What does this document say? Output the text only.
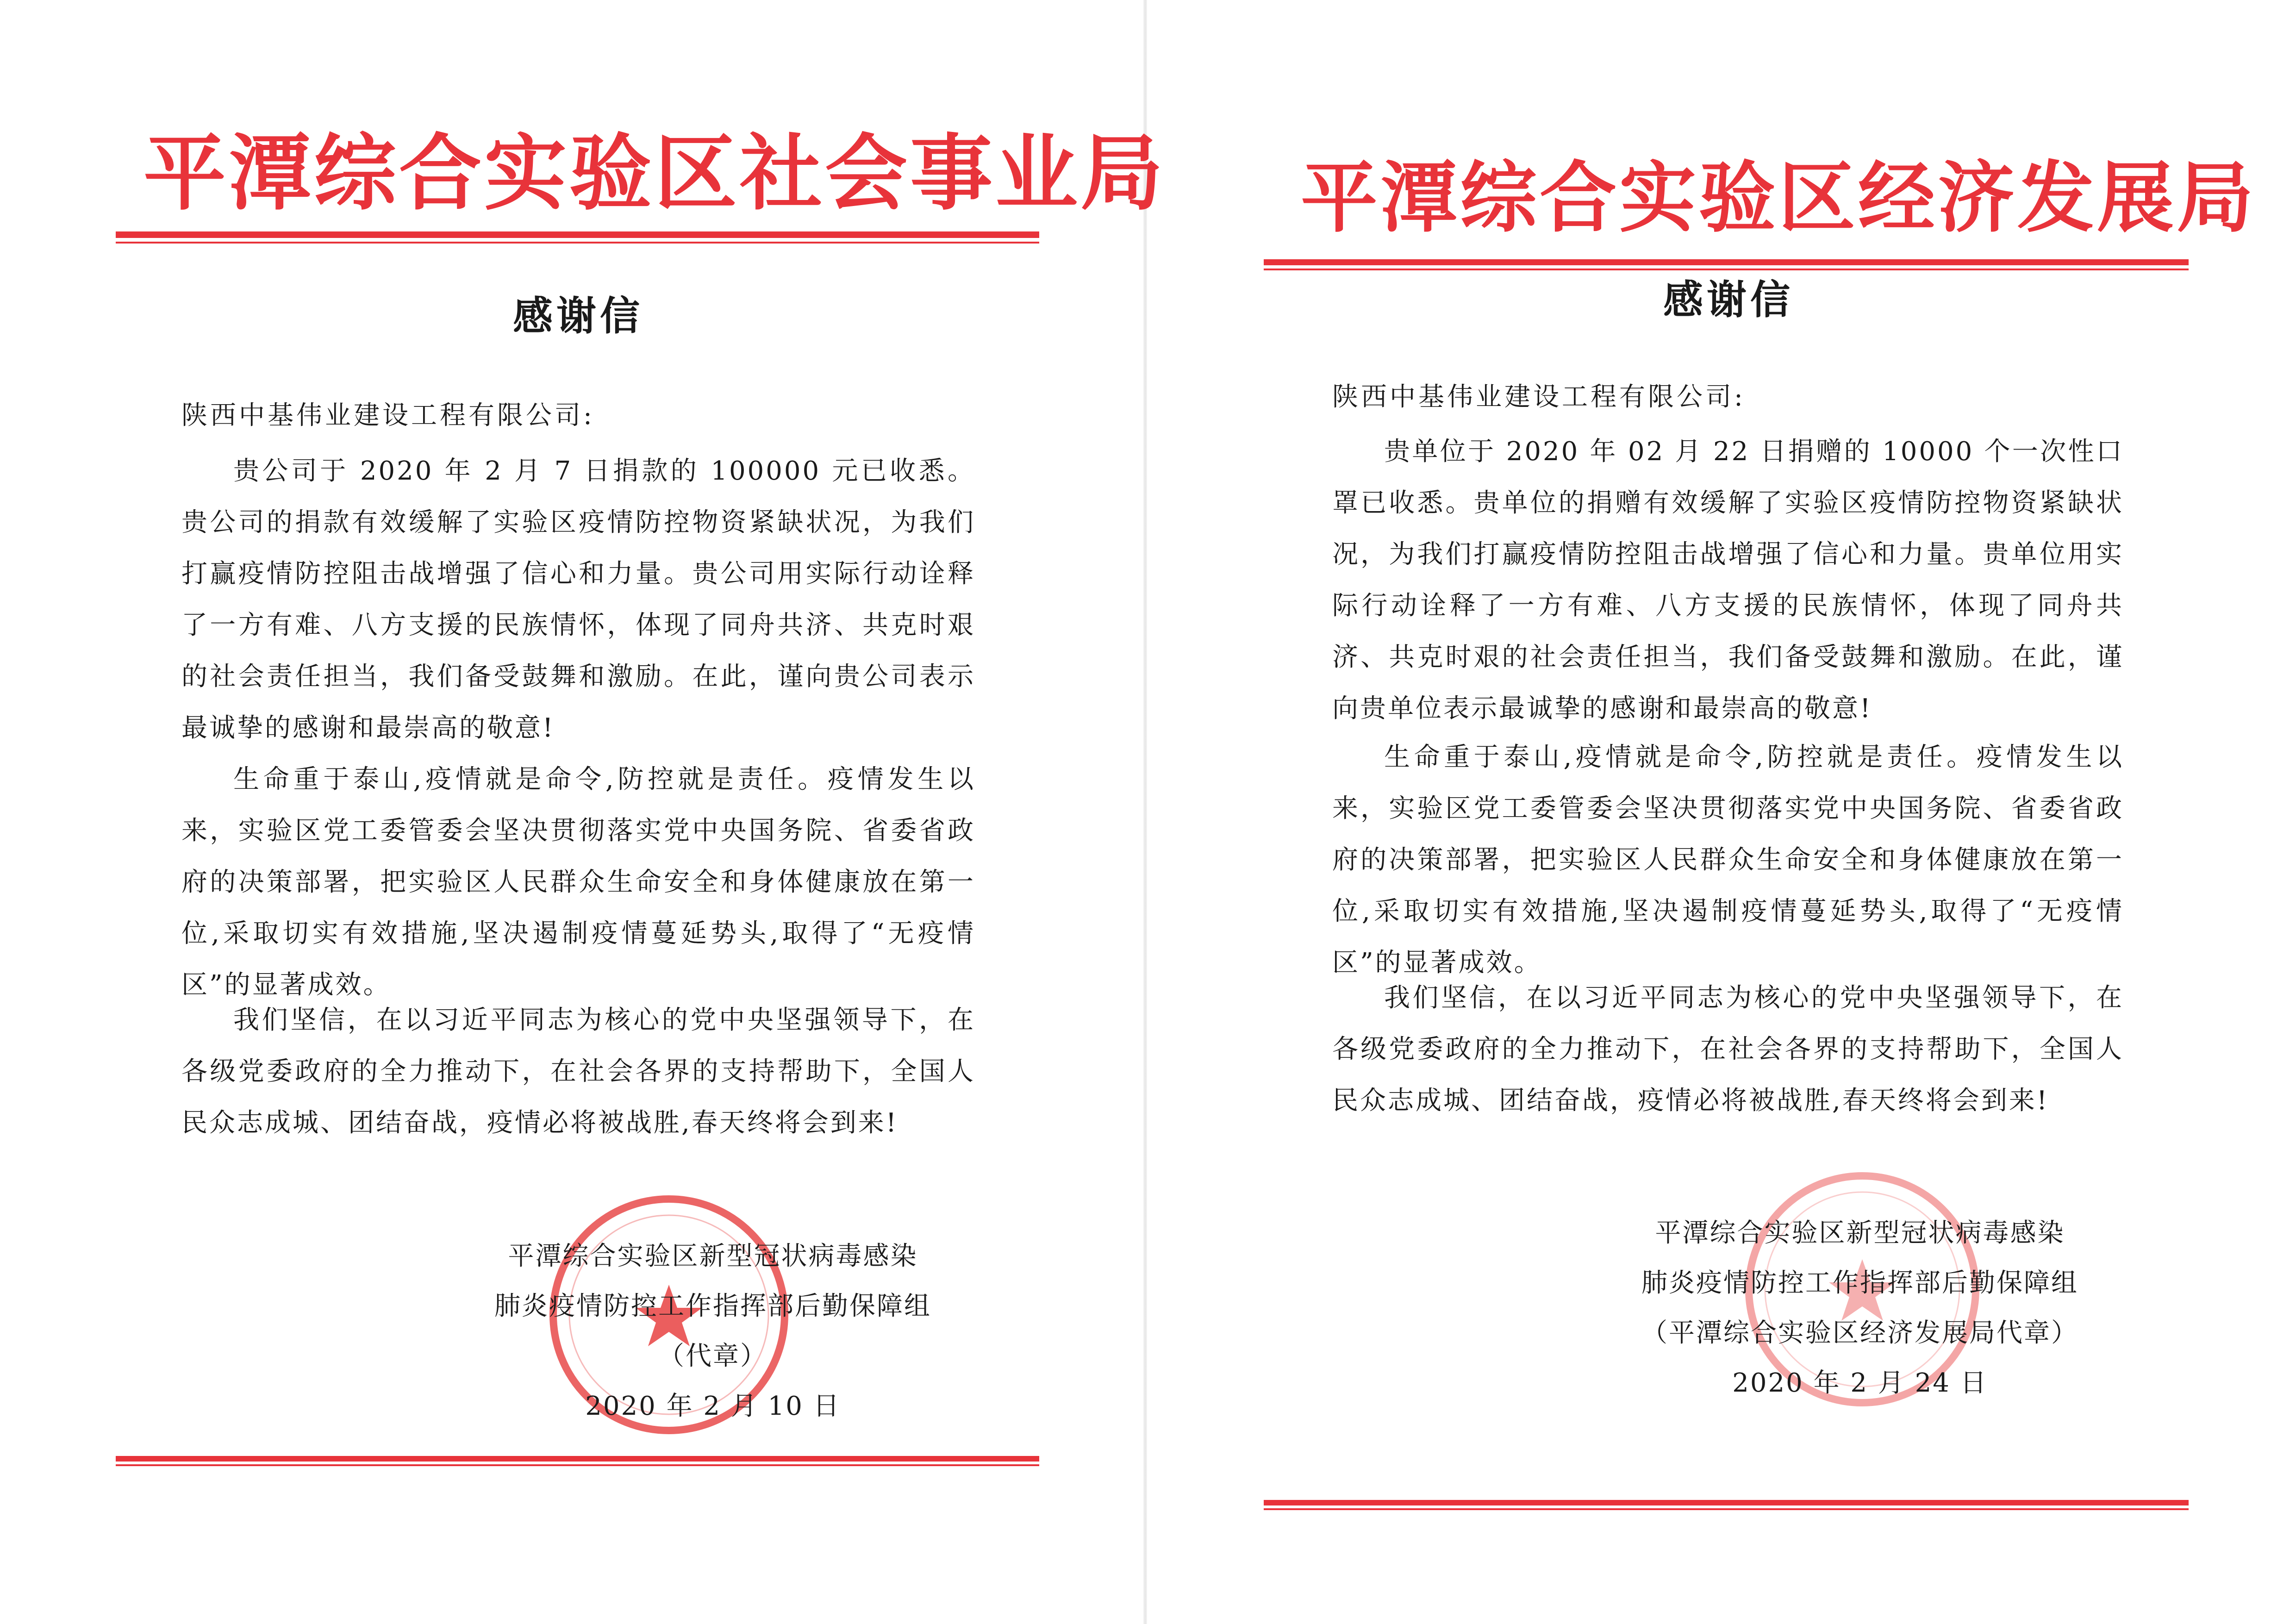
平潭综合实验区社会事业局
感谢信
陕西中基伟业建设工程有限公司:

贵公司于 2020 年 2 月 7 日捐款的 100000 元已收悉。贵公司的捐款有效缓解了实验区疫情防控物资紧缺状况，为我们打赢疫情防控阻击战增强了信心和力量。贵公司用实际行动诠释了一方有难、八方支援的民族情怀，体现了同舟共济、共克时艰的社会责任担当，我们备受鼓舞和激励。在此，谨向贵公司表示最诚挚的感谢和最崇高的敬意!

生命重于泰山,疫情就是命令,防控就是责任。疫情发生以来，实验区党工委管委会坚决贯彻落实党中央国务院、省委省政府的决策部署，把实验区人民群众生命安全和身体健康放在第一位,采取切实有效措施,坚决遏制疫情蔓延势头,取得了“无疫情区”的显著成效。

我们坚信，在以习近平同志为核心的党中央坚强领导下，在各级党委政府的全力推动下，在社会各界的支持帮助下，全国人民众志成城、团结奋战，疫情必将被战胜,春天终将会到来!

平潭综合实验区新型冠状病毒感染
肺炎疫情防控工作指挥部后勤保障组
（代章）
2020 年 2 月 10 日
平潭综合实验区经济发展局
感谢信
陕西中基伟业建设工程有限公司:

贵单位于 2020 年 02 月 22 日捐赠的 10000 个一次性口罩已收悉。贵单位的捐赠有效缓解了实验区疫情防控物资紧缺状况，为我们打赢疫情防控阻击战增强了信心和力量。贵单位用实际行动诠释了一方有难、八方支援的民族情怀，体现了同舟共济、共克时艰的社会责任担当，我们备受鼓舞和激励。在此，谨向贵单位表示最诚挚的感谢和最崇高的敬意!

生命重于泰山,疫情就是命令,防控就是责任。疫情发生以来，实验区党工委管委会坚决贯彻落实党中央国务院、省委省政府的决策部署，把实验区人民群众生命安全和身体健康放在第一位,采取切实有效措施,坚决遏制疫情蔓延势头,取得了“无疫情区”的显著成效。

我们坚信，在以习近平同志为核心的党中央坚强领导下，在各级党委政府的全力推动下，在社会各界的支持帮助下，全国人民众志成城、团结奋战，疫情必将被战胜,春天终将会到来!

平潭综合实验区新型冠状病毒感染
肺炎疫情防控工作指挥部后勤保障组
（平潭综合实验区经济发展局代章）
2020 年 2 月 24 日
